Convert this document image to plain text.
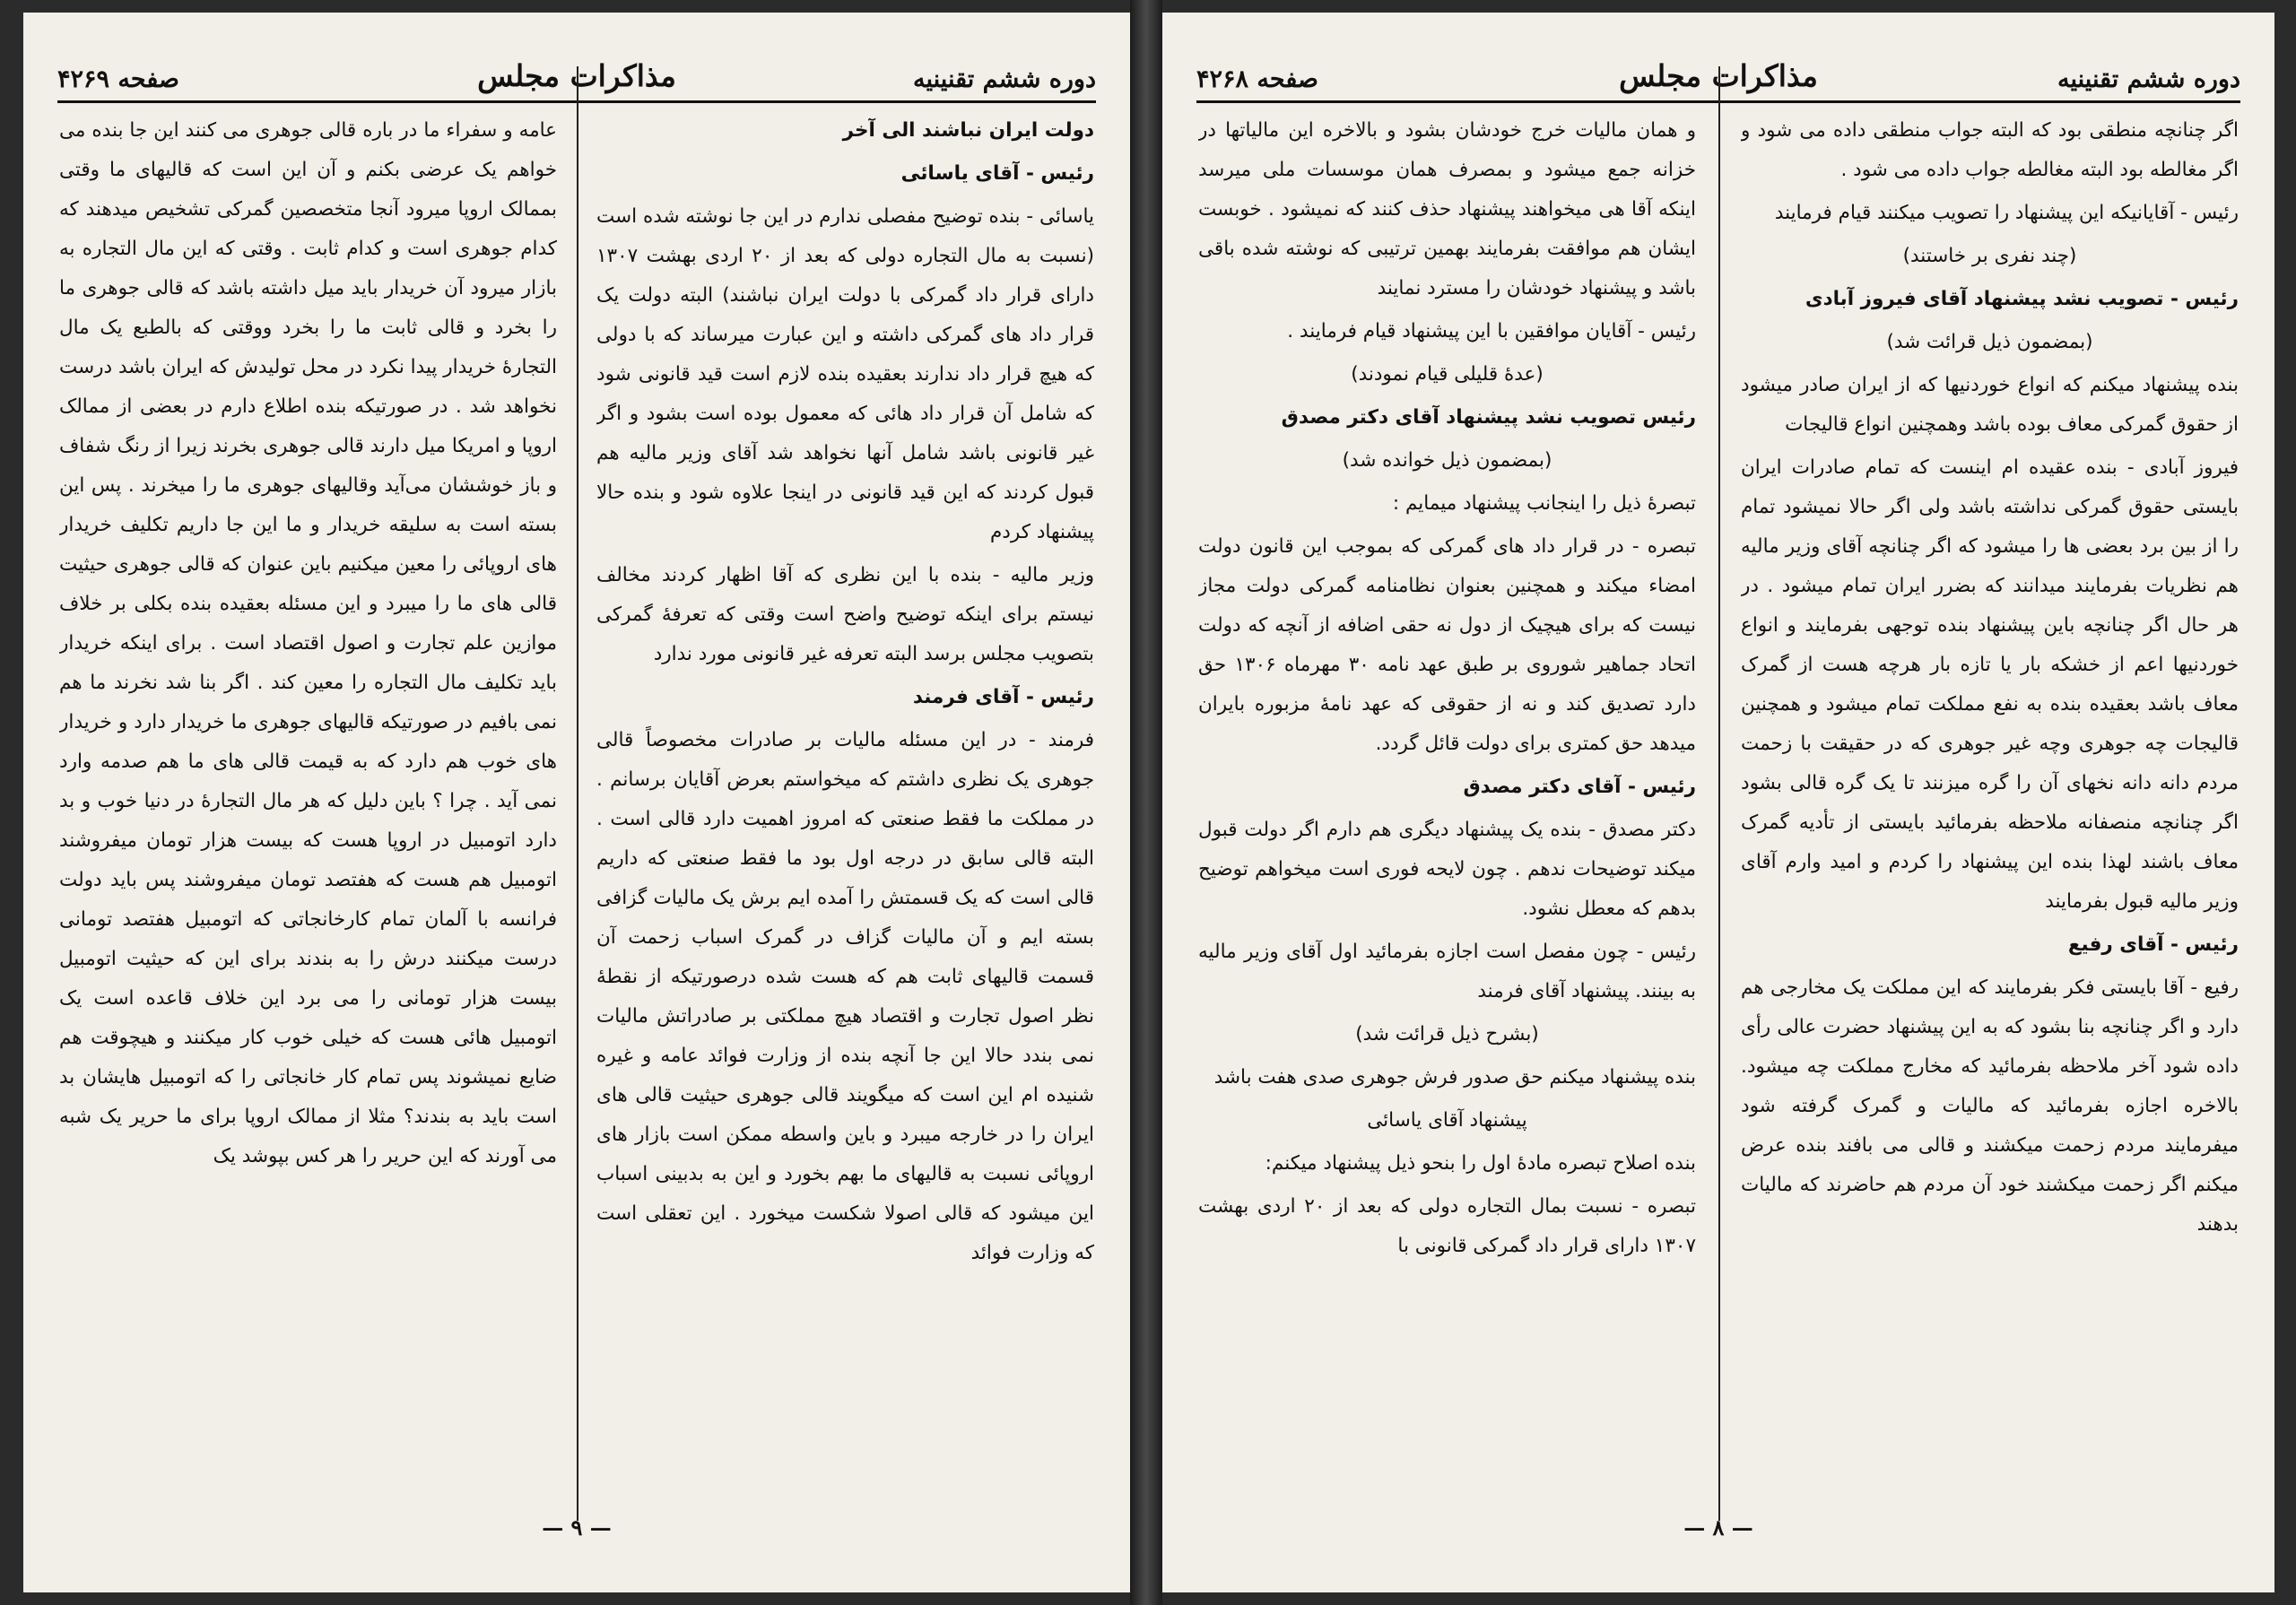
صفحه ۴۲۶۹	مذاکرات مجلس	دوره ششم تقنینیه

دولت ایران نباشند الی آخر

رئیس - آقای یاسائی

یاسائی - بنده توضیح مفصلی ندارم در این جا نوشته شده است (نسبت به مال التجاره دولی که بعد از ۲۰ اردی بهشت ۱۳۰۷ دارای قرار داد گمرکی با دولت ایران نباشند) البته دولت یک قرار داد های گمرکی داشته و این عبارت میرساند که با دولی که هیچ قرار داد ندارند بعقیده بنده لازم است قید قانونی شود که شامل آن قرار داد هائی که معمول بوده است بشود و اگر غیر قانونی باشد شامل آنها نخواهد شد آقای وزیر مالیه هم قبول کردند که این قید قانونی در اینجا علاوه شود و بنده حالا پیشنهاد کردم

وزیر مالیه - بنده با این نظری که آقا اظهار کردند مخالف نیستم برای اینکه توضیح واضح است وقتی که تعرفهٔ گمرکی بتصویب مجلس برسد البته تعرفه غیر قانونی مورد ندارد

رئیس - آقای فرمند

فرمند - در این مسئله مالیات بر صادرات مخصوصاً قالی جوهری یک نظری داشتم که میخواستم بعرض آقایان برسانم . در مملکت ما فقط صنعتی که امروز اهمیت دارد قالی است . البته قالی سابق در درجه اول بود ما فقط صنعتی که داریم قالی است که یک قسمتش را آمده ایم برش یک مالیات گزافی بسته ایم و آن مالیات گزاف در گمرک اسباب زحمت آن قسمت قالیهای ثابت هم که هست شده درصورتیکه از نقطهٔ نظر اصول تجارت و اقتصاد هیچ مملکتی بر صادراتش مالیات نمی بندد حالا این جا آنچه بنده از وزارت فوائد عامه و غیره شنیده ام این است که میگویند قالی جوهری حیثیت قالی های ایران را در خارجه میبرد و باین واسطه ممکن است بازار های اروپائی نسبت به قالیهای ما بهم بخورد و این به بدبینی اسباب این میشود که قالی اصولا شکست میخورد . این تعقلی است که وزارت فوائد

عامه و سفراء ما در باره قالی جوهری می کنند این جا بنده می خواهم یک عرضی بکنم و آن این است که قالیهای ما وقتی بممالک اروپا میرود آنجا متخصصین گمرکی تشخیص میدهند که کدام جوهری است و کدام ثابت . وقتی که این مال التجاره به بازار میرود آن خریدار باید میل داشته باشد که قالی جوهری ما را بخرد و قالی ثابت ما را بخرد ووقتی که بالطبع یک مال التجارهٔ خریدار پیدا نکرد در محل تولیدش که ایران باشد درست نخواهد شد . در صورتیکه بنده اطلاع دارم در بعضی از ممالک اروپا و امریکا میل دارند قالی جوهری بخرند زیرا از رنگ شفاف و باز خوششان می‌آید وقالیهای جوهری ما را میخرند . پس این بسته است به سلیقه خریدار و ما این جا داریم تکلیف خریدار های اروپائی را معین میکنیم باین عنوان که قالی جوهری حیثیت قالی های ما را میبرد و این مسئله بعقیده بنده بکلی بر خلاف موازین علم تجارت و اصول اقتصاد است . برای اینکه خریدار باید تکلیف مال التجاره را معین کند . اگر بنا شد نخرند ما هم نمی بافیم در صورتیکه قالیهای جوهری ما خریدار دارد و خریدار های خوب هم دارد که به قیمت قالی های ما هم صدمه وارد نمی آید . چرا ؟ باین دلیل که هر مال التجارهٔ در دنیا خوب و بد دارد اتومبیل در اروپا هست که بیست هزار تومان میفروشند اتومبیل هم هست که هفتصد تومان میفروشند پس باید دولت فرانسه با آلمان تمام کارخانجاتی که اتومبیل هفتصد تومانی درست میکنند درش را به بندند برای این که حیثیت اتومبیل بیست هزار تومانی را می برد این خلاف قاعده است یک اتومبیل هائی هست که خیلی خوب کار میکنند و هیچوقت هم ضایع نمیشوند پس تمام کار خانجاتی را که اتومبیل هایشان بد است باید به بندند؟ مثلا از ممالک اروپا برای ما حریر یک شبه می آورند که این حریر را هر کس بپوشد یک

— ۹ —
صفحه ۴۲۶۸	مذاکرات مجلس	دوره ششم تقنینیه

اگر چنانچه منطقی بود که البته جواب منطقی داده می شود و اگر مغالطه بود البته مغالطه جواب داده می شود .

رئیس - آقایانیکه این پیشنهاد را تصویب میکنند قیام فرمایند

(چند نفری بر خاستند)

رئیس - تصویب نشد پیشنهاد آقای فیروز آبادی

(بمضمون ذیل قرائت شد)

بنده پیشنهاد میکنم که انواع خوردنیها که از ایران صادر میشود از حقوق گمرکی معاف بوده باشد وهمچنین انواع قالیجات

فیروز آبادی - بنده عقیده ام اینست که تمام صادرات ایران بایستی حقوق گمرکی نداشته باشد ولی اگر حالا نمیشود تمام را از بین برد بعضی ها را میشود که اگر چنانچه آقای وزیر مالیه هم نظریات بفرمایند میدانند که بضرر ایران تمام میشود . در هر حال اگر چنانچه باین پیشنهاد بنده توجهی بفرمایند و انواع خوردنیها اعم از خشکه بار یا تازه بار هرچه هست از گمرک معاف باشد بعقیده بنده به نفع مملکت تمام میشود و همچنین قالیجات چه جوهری وچه غیر جوهری که در حقیقت با زحمت مردم دانه دانه نخهای آن را گره میزنند تا یک گره قالی بشود اگر چنانچه منصفانه ملاحظه بفرمائید بایستی از تأدیه گمرک معاف باشند لهذا بنده این پیشنهاد را کردم و امید وارم آقای وزیر مالیه قبول بفرمایند

رئیس - آقای رفیع

رفیع - آقا بایستی فکر بفرمایند که این مملکت یک مخارجی هم دارد و اگر چنانچه بنا بشود که به این پیشنهاد حضرت عالی رأی داده شود آخر ملاحظه بفرمائید که مخارج مملکت چه میشود. بالاخره اجازه بفرمائید که مالیات و گمرک گرفته شود میفرمایند مردم زحمت میکشند و قالی می بافند بنده عرض میکنم اگر زحمت میکشند خود آن مردم هم حاضرند که مالیات بدهند

و همان مالیات خرج خودشان بشود و بالاخره این مالیاتها در خزانه جمع میشود و بمصرف همان موسسات ملی میرسد اینکه آقا هی میخواهند پیشنهاد حذف کنند که نمیشود . خوبست ایشان هم موافقت بفرمایند بهمین ترتیبی که نوشته شده باقی باشد و پیشنهاد خودشان را مسترد نمایند

رئیس - آقایان موافقین با این پیشنهاد قیام فرمایند .

(عدهٔ قلیلی قیام نمودند)

رئیس تصویب نشد پیشنهاد آقای دکتر مصدق

(بمضمون ذیل خوانده شد)

تبصرهٔ ذیل را اینجانب پیشنهاد میمایم :

تبصره - در قرار داد های گمرکی که بموجب این قانون دولت امضاء میکند و همچنین بعنوان نظامنامه گمرکی دولت مجاز نیست که برای هیچیک از دول نه حقی اضافه از آنچه که دولت اتحاد جماهیر شوروی بر طبق عهد نامه ۳۰ مهرماه ۱۳۰۶ حق دارد تصدیق کند و نه از حقوقی که عهد نامهٔ مزبوره بایران میدهد حق کمتری برای دولت قائل گردد.

رئیس - آقای دکتر مصدق

دکتر مصدق - بنده یک پیشنهاد دیگری هم دارم اگر دولت قبول میکند توضیحات ندهم . چون لایحه فوری است میخواهم توضیح بدهم که معطل نشود.

رئیس - چون مفصل است اجازه بفرمائید اول آقای وزیر مالیه به بینند. پیشنهاد آقای فرمند

(بشرح ذیل قرائت شد)

بنده پیشنهاد میکنم حق صدور فرش جوهری صدی هفت باشد

پیشنهاد آقای یاسائی

بنده اصلاح تبصره مادهٔ اول را بنحو ذیل پیشنهاد میکنم:

تبصره - نسبت بمال التجاره دولی که بعد از ۲۰ اردی بهشت ۱۳۰۷ دارای قرار داد گمرکی قانونی با

— ۸ —
